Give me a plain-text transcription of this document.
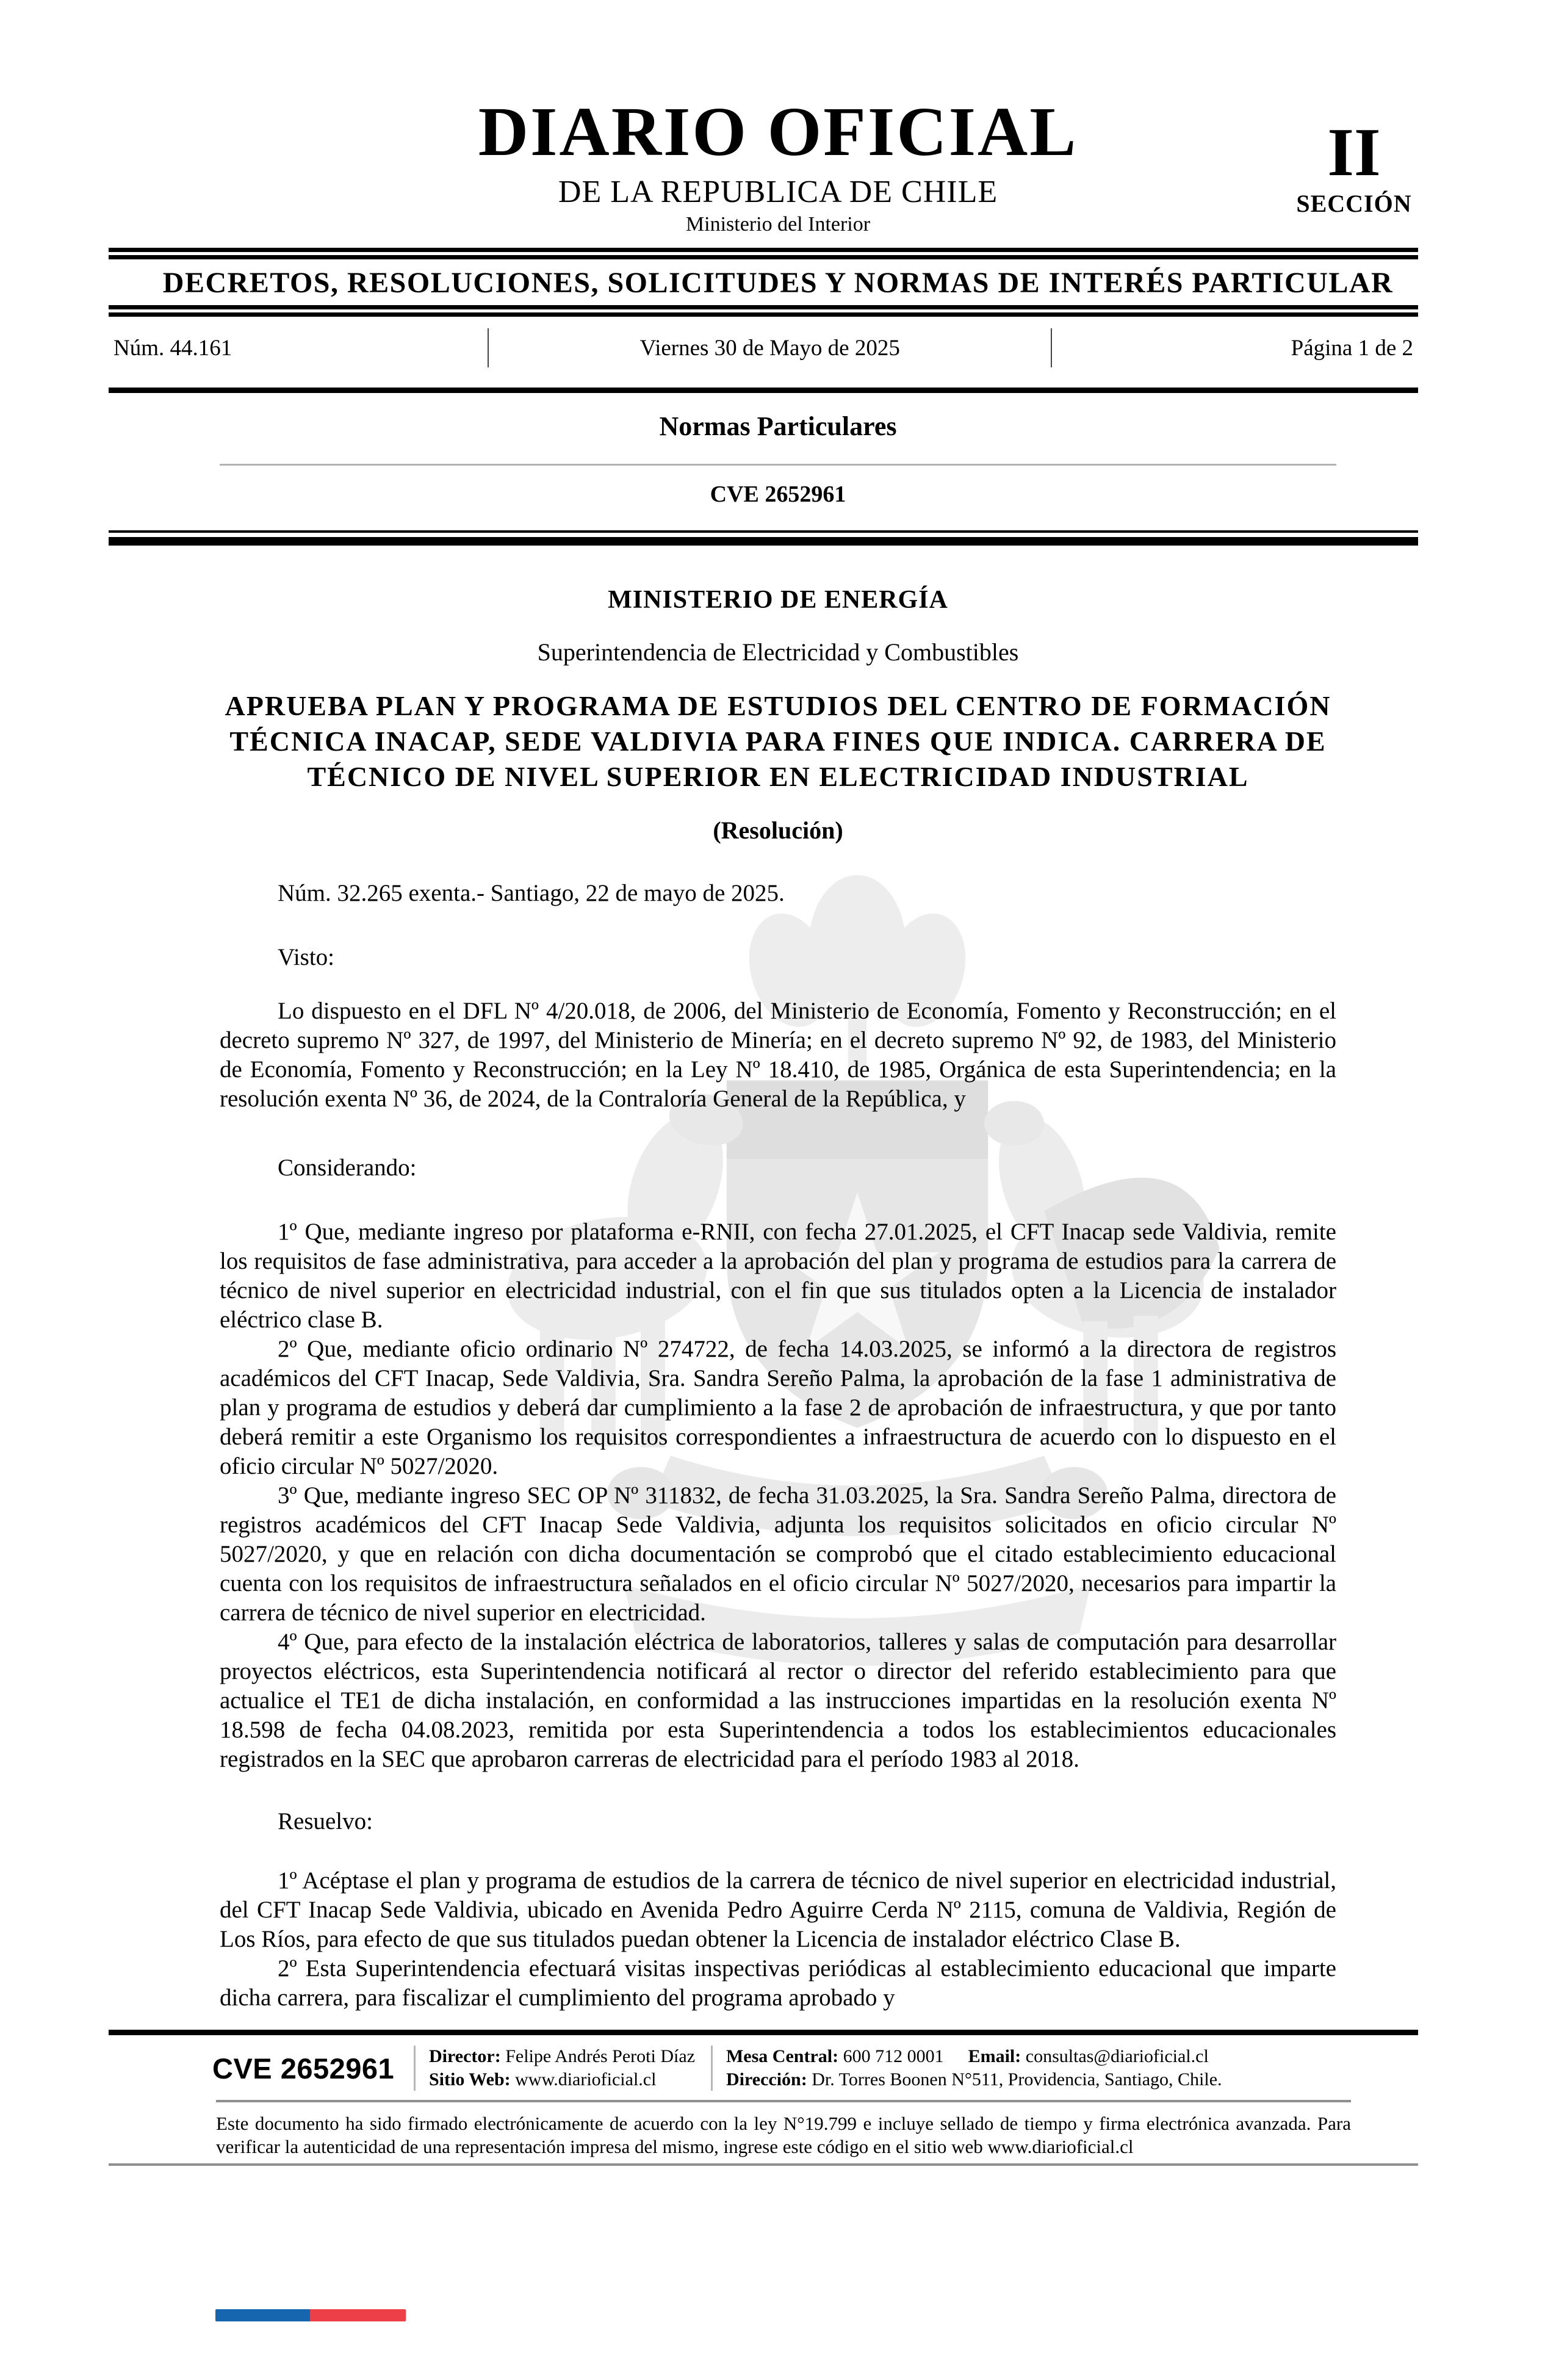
DIARIO OFICIAL
DE LA REPUBLICA DE CHILE
Ministerio del Interior
II
SECCIÓN
DECRETOS, RESOLUCIONES, SOLICITUDES Y NORMAS DE INTERÉS PARTICULAR
Núm. 44.161	Viernes 30 de Mayo de 2025	Página 1 de 2
Normas Particulares
CVE 2652961
MINISTERIO DE ENERGÍA
Superintendencia de Electricidad y Combustibles
APRUEBA PLAN Y PROGRAMA DE ESTUDIOS DEL CENTRO DE FORMACIÓN
TÉCNICA INACAP, SEDE VALDIVIA PARA FINES QUE INDICA. CARRERA DE
TÉCNICO DE NIVEL SUPERIOR EN ELECTRICIDAD INDUSTRIAL
(Resolución)

Núm. 32.265 exenta.- Santiago, 22 de mayo de 2025.

Visto:

Lo dispuesto en el DFL Nº 4/20.018, de 2006, del Ministerio de Economía, Fomento y Reconstrucción; en el decreto supremo Nº 327, de 1997, del Ministerio de Minería; en el decreto supremo Nº 92, de 1983, del Ministerio de Economía, Fomento y Reconstrucción; en la Ley Nº 18.410, de 1985, Orgánica de esta Superintendencia; en la resolución exenta Nº 36, de 2024, de la Contraloría General de la República, y

Considerando:

1º Que, mediante ingreso por plataforma e-RNII, con fecha 27.01.2025, el CFT Inacap sede Valdivia, remite los requisitos de fase administrativa, para acceder a la aprobación del plan y programa de estudios para la carrera de técnico de nivel superior en electricidad industrial, con el fin que sus titulados opten a la Licencia de instalador eléctrico clase B.

2º Que, mediante oficio ordinario Nº 274722, de fecha 14.03.2025, se informó a la directora de registros académicos del CFT Inacap, Sede Valdivia, Sra. Sandra Sereño Palma, la aprobación de la fase 1 administrativa de plan y programa de estudios y deberá dar cumplimiento a la fase 2 de aprobación de infraestructura, y que por tanto deberá remitir a este Organismo los requisitos correspondientes a infraestructura de acuerdo con lo dispuesto en el oficio circular Nº 5027/2020.

3º Que, mediante ingreso SEC OP Nº 311832, de fecha 31.03.2025, la Sra. Sandra Sereño Palma, directora de registros académicos del CFT Inacap Sede Valdivia, adjunta los requisitos solicitados en oficio circular Nº 5027/2020, y que en relación con dicha documentación se comprobó que el citado establecimiento educacional cuenta con los requisitos de infraestructura señalados en el oficio circular Nº 5027/2020, necesarios para impartir la carrera de técnico de nivel superior en electricidad.

4º Que, para efecto de la instalación eléctrica de laboratorios, talleres y salas de computación para desarrollar proyectos eléctricos, esta Superintendencia notificará al rector o director del referido establecimiento para que actualice el TE1 de dicha instalación, en conformidad a las instrucciones impartidas en la resolución exenta Nº 18.598 de fecha 04.08.2023, remitida por esta Superintendencia a todos los establecimientos educacionales registrados en la SEC que aprobaron carreras de electricidad para el período 1983 al 2018.

Resuelvo:

1º Acéptase el plan y programa de estudios de la carrera de técnico de nivel superior en electricidad industrial, del CFT Inacap Sede Valdivia, ubicado en Avenida Pedro Aguirre Cerda Nº 2115, comuna de Valdivia, Región de Los Ríos, para efecto de que sus titulados puedan obtener la Licencia de instalador eléctrico Clase B.

2º Esta Superintendencia efectuará visitas inspectivas periódicas al establecimiento educacional que imparte dicha carrera, para fiscalizar el cumplimiento del programa aprobado y

CVE 2652961	Director: Felipe Andrés Peroti Díaz
Sitio Web: www.diarioficial.cl
Mesa Central: 600 712 0001 Email: consultas@diarioficial.cl
Dirección: Dr. Torres Boonen N°511, Providencia, Santiago, Chile.
Este documento ha sido firmado electrónicamente de acuerdo con la ley N°19.799 e incluye sellado de tiempo y firma electrónica avanzada. Para verificar la autenticidad de una representación impresa del mismo, ingrese este código en el sitio web www.diarioficial.cl
